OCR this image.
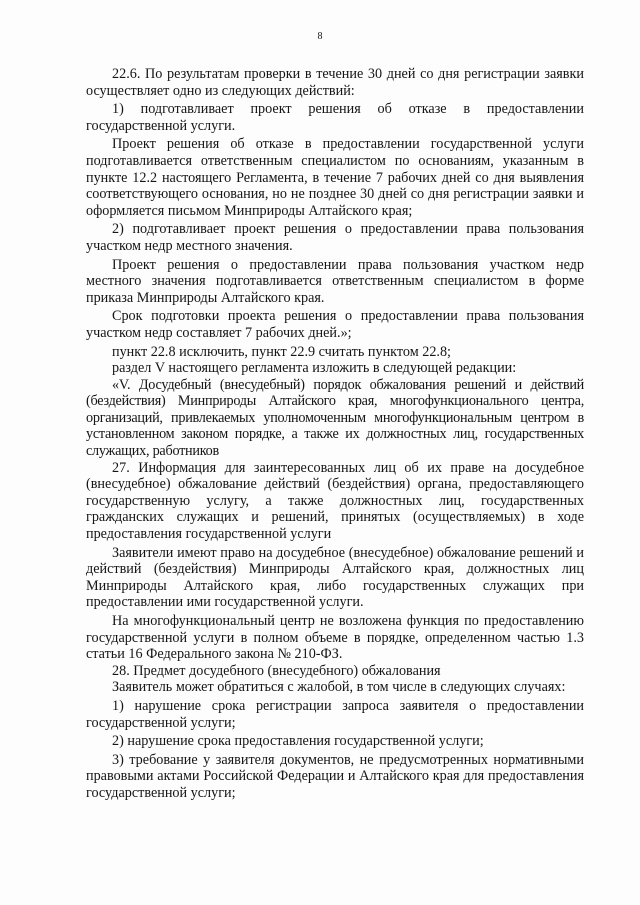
8

22.6. По результатам проверки в течение 30 дней со дня регистрации заявки осуществляет одно из следующих действий:

1) подготавливает проект решения об отказе в предоставлении государственной услуги.

Проект решения об отказе в предоставлении государственной услуги подготавливается ответственным специалистом по основаниям, указанным в пункте 12.2 настоящего Регламента, в течение 7 рабочих дней со дня выявления соответствующего основания, но не позднее 30 дней со дня регистрации заявки и оформляется письмом Минприроды Алтайского края;

2) подготавливает проект решения о предоставлении права пользования участком недр местного значения.

Проект решения о предоставлении права пользования участком недр местного значения подготавливается ответственным специалистом в форме приказа Минприроды Алтайского края.

Срок подготовки проекта решения о предоставлении права пользования участком недр составляет 7 рабочих дней.»;

пункт 22.8 исключить, пункт 22.9 считать пунктом 22.8;

раздел V настоящего регламента изложить в следующей редакции:

«V. Досудебный (внесудебный) порядок обжалования решений и действий (бездействия) Минприроды Алтайского края, многофункционального центра, организаций, привлекаемых уполномоченным многофункциональным центром в установленном законом порядке, а также их должностных лиц, государственных служащих, работников

27. Информация для заинтересованных лиц об их праве на досудебное (внесудебное) обжалование действий (бездействия) органа, предоставляющего государственную услугу, а также должностных лиц, государственных гражданских служащих и решений, принятых (осуществляемых) в ходе предоставления государственной услуги

Заявители имеют право на досудебное (внесудебное) обжалование решений и действий (бездействия) Минприроды Алтайского края, должностных лиц Минприроды Алтайского края, либо государственных служащих при предоставлении ими государственной услуги.

На многофункциональный центр не возложена функция по предоставлению государственной услуги в полном объеме в порядке, определенном частью 1.3 статьи 16 Федерального закона № 210-ФЗ.

28. Предмет досудебного (внесудебного) обжалования

Заявитель может обратиться с жалобой, в том числе в следующих случаях:

1) нарушение срока регистрации запроса заявителя о предоставлении государственной услуги;

2) нарушение срока предоставления государственной услуги;

3) требование у заявителя документов, не предусмотренных нормативными правовыми актами Российской Федерации и Алтайского края для предоставления государственной услуги;
